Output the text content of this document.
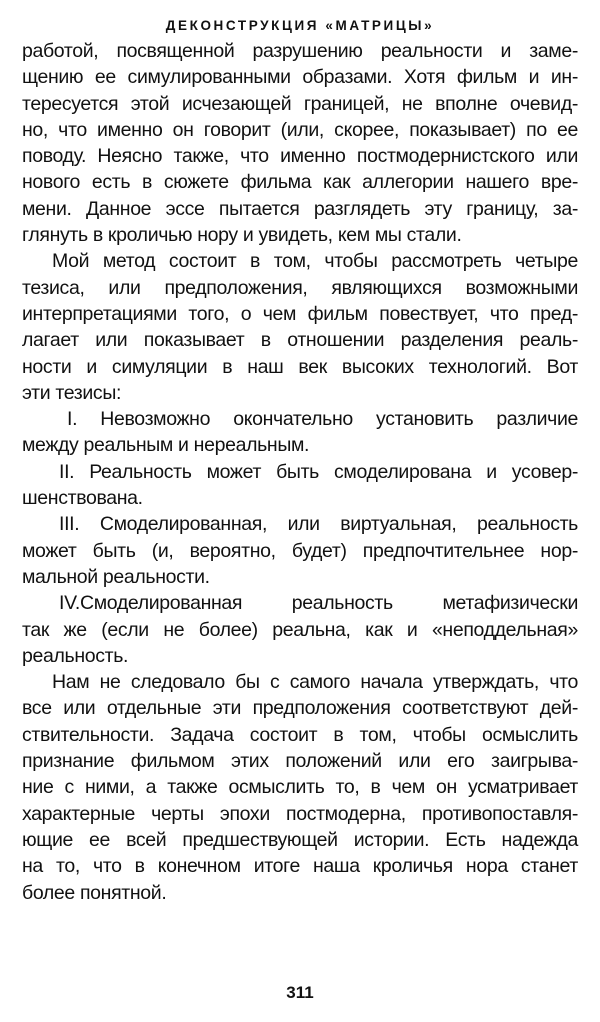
ДЕКОНСТРУКЦИЯ «МАТРИЦЫ»
работой, посвященной разрушению реальности и заме-
щению ее симулированными образами. Хотя фильм и ин-
тересуется этой исчезающей границей, не вполне очевид-
но, что именно он говорит (или, скорее, показывает) по ее
поводу. Неясно также, что именно постмодернистского или
нового есть в сюжете фильма как аллегории нашего вре-
мени. Данное эссе пытается разглядеть эту границу, за-
глянуть в кроличью нору и увидеть, кем мы стали.
Мой метод состоит в том, чтобы рассмотреть четыре
тезиса, или предположения, являющихся возможными
интерпретациями того, о чем фильм повествует, что пред-
лагает или показывает в отношении разделения реаль-
ности и симуляции в наш век высоких технологий. Вот
эти тезисы:
I. Невозможно окончательно установить различие
между реальным и нереальным.
II. Реальность может быть смоделирована и усовер-
шенствована.
III. Смоделированная, или виртуальная, реальность
может быть (и, вероятно, будет) предпочтительнее нор-
мальной реальности.
IV.Смоделированная реальность метафизически
так же (если не более) реальна, как и «неподдельная»
реальность.
Нам не следовало бы с самого начала утверждать, что
все или отдельные эти предположения соответствуют дей-
ствительности. Задача состоит в том, чтобы осмыслить
признание фильмом этих положений или его заигрыва-
ние с ними, а также осмыслить то, в чем он усматривает
характерные черты эпохи постмодерна, противопоставля-
ющие ее всей предшествующей истории. Есть надежда
на то, что в конечном итоге наша кроличья нора станет
более понятной.
311
